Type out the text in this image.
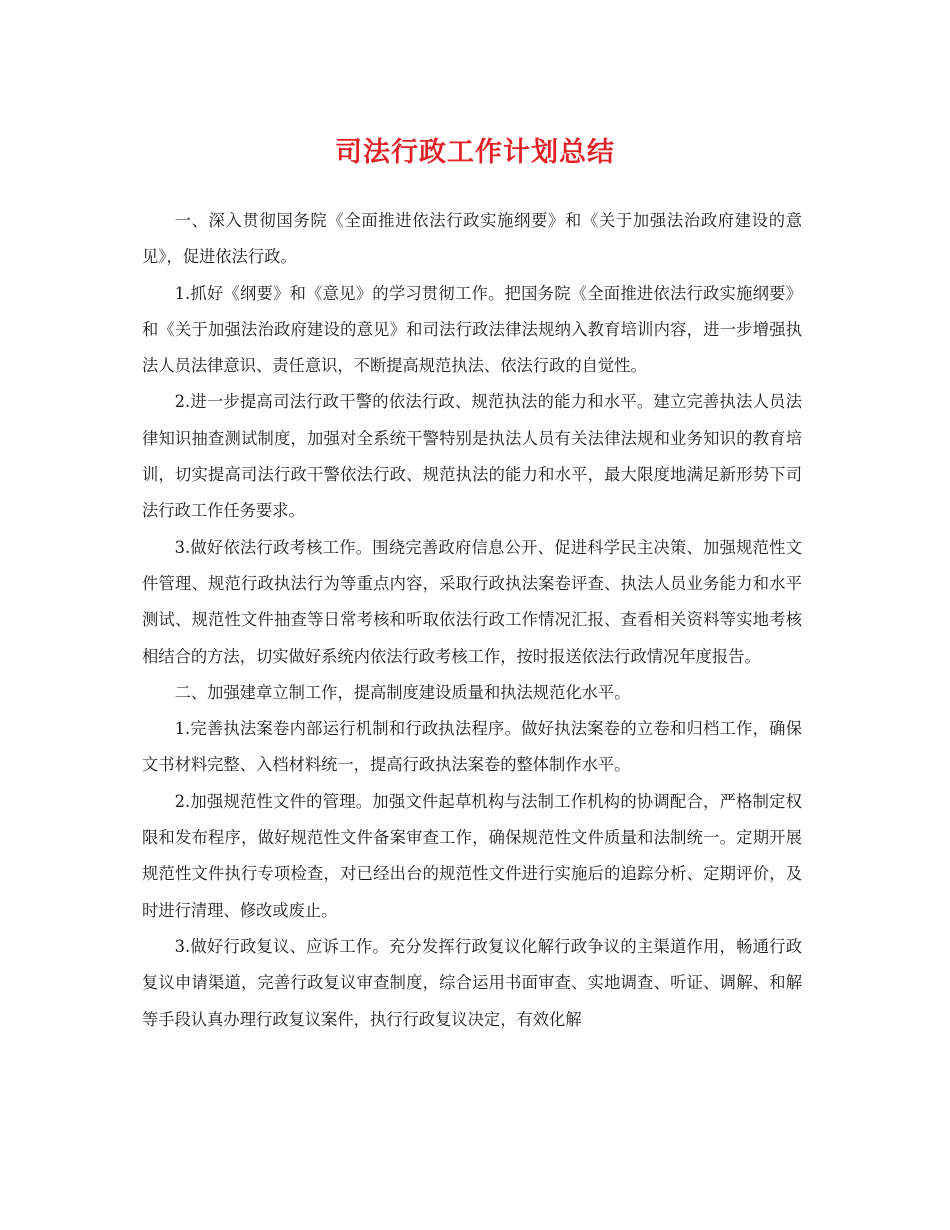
司法行政工作计划总结

一、深入贯彻国务院《全面推进依法行政实施纲要》和《关于加强法治政府建设的意见》，促进依法行政。

1.抓好《纲要》和《意见》的学习贯彻工作。把国务院《全面推进依法行政实施纲要》和《关于加强法治政府建设的意见》和司法行政法律法规纳入教育培训内容，进一步增强执法人员法律意识、责任意识，不断提高规范执法、依法行政的自觉性。

2.进一步提高司法行政干警的依法行政、规范执法的能力和水平。建立完善执法人员法律知识抽查测试制度，加强对全系统干警特别是执法人员有关法律法规和业务知识的教育培训，切实提高司法行政干警依法行政、规范执法的能力和水平，最大限度地满足新形势下司法行政工作任务要求。

3.做好依法行政考核工作。围绕完善政府信息公开、促进科学民主决策、加强规范性文件管理、规范行政执法行为等重点内容，采取行政执法案卷评查、执法人员业务能力和水平测试、规范性文件抽查等日常考核和听取依法行政工作情况汇报、查看相关资料等实地考核相结合的方法，切实做好系统内依法行政考核工作，按时报送依法行政情况年度报告。

二、加强建章立制工作，提高制度建设质量和执法规范化水平。

1.完善执法案卷内部运行机制和行政执法程序。做好执法案卷的立卷和归档工作，确保文书材料完整、入档材料统一，提高行政执法案卷的整体制作水平。

2.加强规范性文件的管理。加强文件起草机构与法制工作机构的协调配合，严格制定权限和发布程序，做好规范性文件备案审查工作，确保规范性文件质量和法制统一。定期开展规范性文件执行专项检查，对已经出台的规范性文件进行实施后的追踪分析、定期评价，及时进行清理、修改或废止。

3.做好行政复议、应诉工作。充分发挥行政复议化解行政争议的主渠道作用，畅通行政复议申请渠道，完善行政复议审查制度，综合运用书面审查、实地调查、听证、调解、和解等手段认真办理行政复议案件，执行行政复议决定，有效化解
